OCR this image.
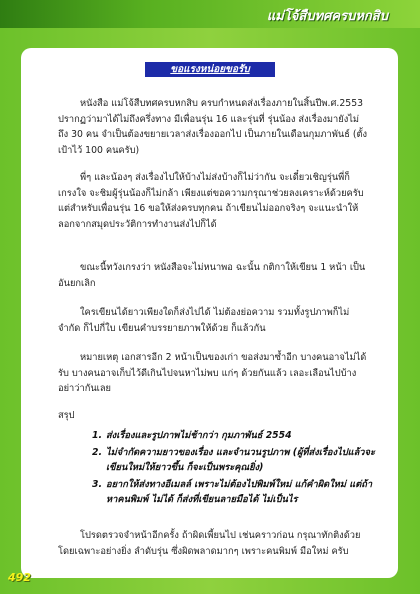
แม่โจ้สืบทศครบหกสิบ
ขอแรงหน่อยขอรับ

หนังสือ แม่โจ้สืบทศครบหกสิบ ครบกำหนดส่งเรื่องภายในสิ้นปีพ.ศ.2553 ปรากฏว่ามาได้ไม่ถึงครึ่งทาง มีเพื่อนรุ่น 16 และรุ่นที่ รุ่นน้อง ส่งเรื่องมายังไม่ถึง 30 คน จำเป็นต้องขยายเวลาส่งเรื่องออกไป เป็นภายในเดือนกุมภาพันธ์ (ตั้งเป้าไว้ 100 คนครับ)

พี่ๆ และน้องๆ ส่งเรื่องไปให้บ้างไม่ส่งบ้างก็ไม่ว่ากัน จะเดี๋ยวเชิญรุ่นพี่ก็เกรงใจ จะชิมผู้รุ่นน้องก็ไม่กล้า เพียงแต่ขอความกรุณาช่วยลงเคราะห์ด้วยครับ แต่สำหรับเพื่อนรุ่น 16 ขอให้ส่งครบทุกคน ถ้าเขียนไม่ออกจริงๆ จะแนะนำให้ลอกจากสมุดประวัติการทำงานส่งไปก็ได้

ขณะนี้ทวังเกรงว่า หนังสือจะไม่หนาพอ ฉะนั้น กติกาให้เขียน 1 หน้า เป็นอันยกเลิก

ใครเขียนได้ยาวเพียงใดก็ส่งไปได้ ไม่ต้องย่อความ รวมทั้งรูปภาพก็ไม่จำกัด ก็ไปกี่ใบ เขียนคำบรรยายภาพให้ด้วย ก็แล้วกัน

หมายเหตุ เอกสารอีก 2 หน้าเป็นของเก่า ขอส่งมาซ้ำอีก บางคนอาจไม่ได้รับ บางคนอาจเก็บไว้ดีเกินไปจนหาไม่พบ แก่ๆ ด้วยกันแล้ว เลอะเลือนไปบ้างอย่าว่ากันเลย

สรุป
1. ส่งเรื่องและรูปภาพไม่ช้ากว่า กุมภาพันธ์ 2554
2. ไม่จำกัดความยาวของเรื่อง และจำนวนรูปภาพ (ผู้ที่ส่งเรื่องไปแล้วจะเขียนใหม่ให้ยาวขึ้น ก็จะเป็นพระคุณยิ่ง)
3. อยากให้ส่งทางอีเมลล์ เพราะไม่ต้องไปพิมพ์ใหม่ แก้คำผิดใหม่ แต่ถ้าหาคนพิมพ์ ไม่ได้ ก็ส่งที่เขียนลายมือได้ ไม่เป็นไร

โปรดตรวจจำหน้าอีกครั้ง ถ้าผิดเพี้ยนไป เช่นคราวก่อน กรุณาทักติงด้วยโดยเฉพาะอย่างยิ่ง ลำดับรุ่น ซึ่งผิดพลาดมากๆ เพราะคนพิมพ์ มือใหม่ ครับ

492
